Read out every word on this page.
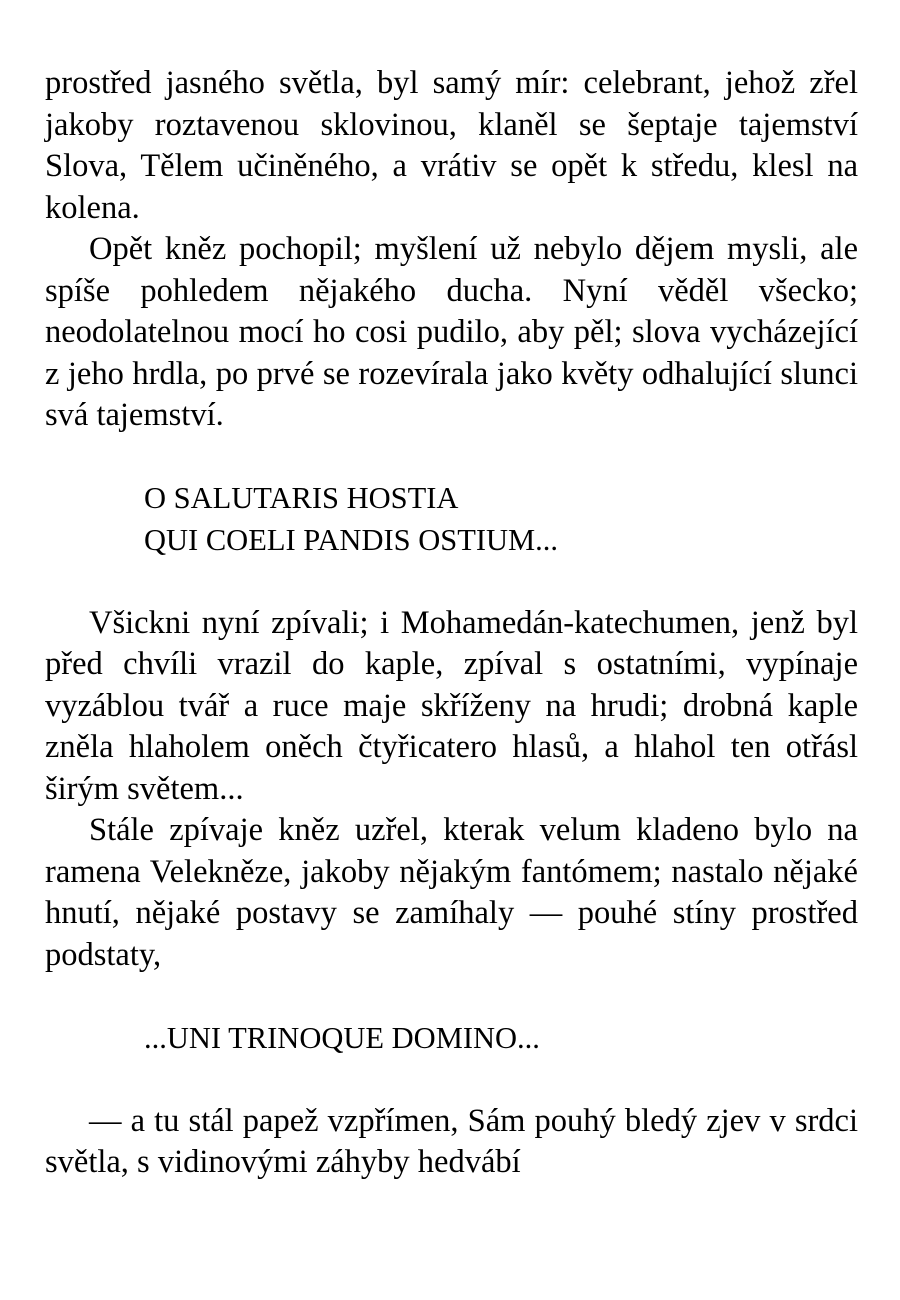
prostřed jasného světla, byl samý mír: celebrant, jehož zřel jakoby roztavenou sklovinou, klaněl se šeptaje tajemství Slova, Tělem učiněného, a vrátiv se opět k středu, klesl na kolena.

Opět kněz pochopil; myšlení už nebylo dějem mysli, ale spíše pohledem nějakého ducha. Nyní věděl všecko; neodolatelnou mocí ho cosi pudilo, aby pěl; slova vycházející z jeho hrdla, po prvé se rozevírala jako květy odhalující slunci svá tajemství.

O SALUTARIS HOSTIA
QUI COELI PANDIS OSTIUM...

Všickni nyní zpívali; i Mohamedán-katechumen, jenž byl před chvíli vrazil do kaple, zpíval s ostatními, vypínaje vyzáblou tvář a ruce maje skříženy na hrudi; drobná kaple zněla hlaholem oněch čtyřicatero hlasů, a hlahol ten otřásl širým světem...

Stále zpívaje kněz uzřel, kterak velum kladeno bylo na ramena Velekněze, jakoby nějakým fantómem; nastalo nějaké hnutí, nějaké postavy se zamíhaly — pouhé stíny prostřed podstaty,

...UNI TRINOQUE DOMINO...

— a tu stál papež vzpřímen, Sám pouhý bledý zjev v srdci světla, s vidinovými záhyby hedvábí
